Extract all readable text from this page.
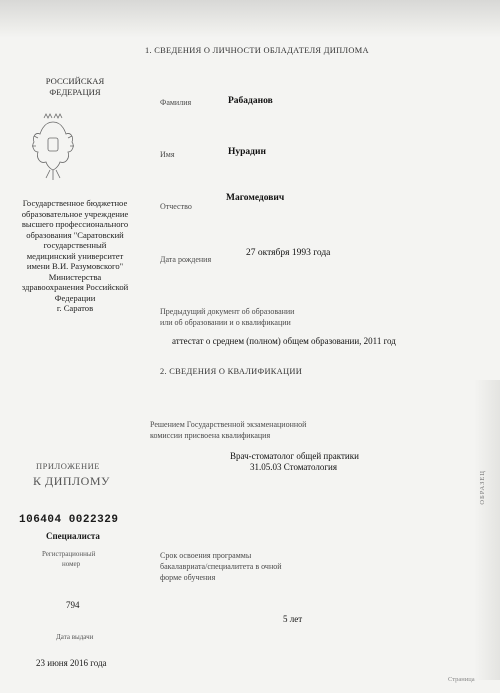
1. СВЕДЕНИЯ О ЛИЧНОСТИ ОБЛАДАТЕЛЯ ДИПЛОМА
РОССИЙСКАЯ
ФЕДЕРАЦИЯ
Государственное бюджетное
образовательное учреждение
высшего профессионального
образования "Саратовский
государственный
медицинский университет
имени В.И. Разумовского"
Министерства
здравоохранения Российской
Федерации
г. Саратов
Фамилия	Рабаданов
Имя	Нурадин
Отчество
Магомедович
Дата рождения
27 октября 1993 года
Предыдущий документ об образовании
или об образовании и о квалификации
аттестат о среднем (полном) общем образовании, 2011 год
2. СВЕДЕНИЯ О КВАЛИФИКАЦИИ
Решением Государственной экзаменационной
комиссии присвоена квалификация
Врач-стоматолог общей практики
31.05.03 Стоматология
ПРИЛОЖЕНИЕ
К ДИПЛОМУ
106404 0022329
Специалиста
Регистрационный
номер
794
Дата выдачи
23 июня 2016 года
Срок освоения программы
бакалавриата/специалитета в очной
форме обучения
5 лет
Страница
ОБРАЗЕЦ
